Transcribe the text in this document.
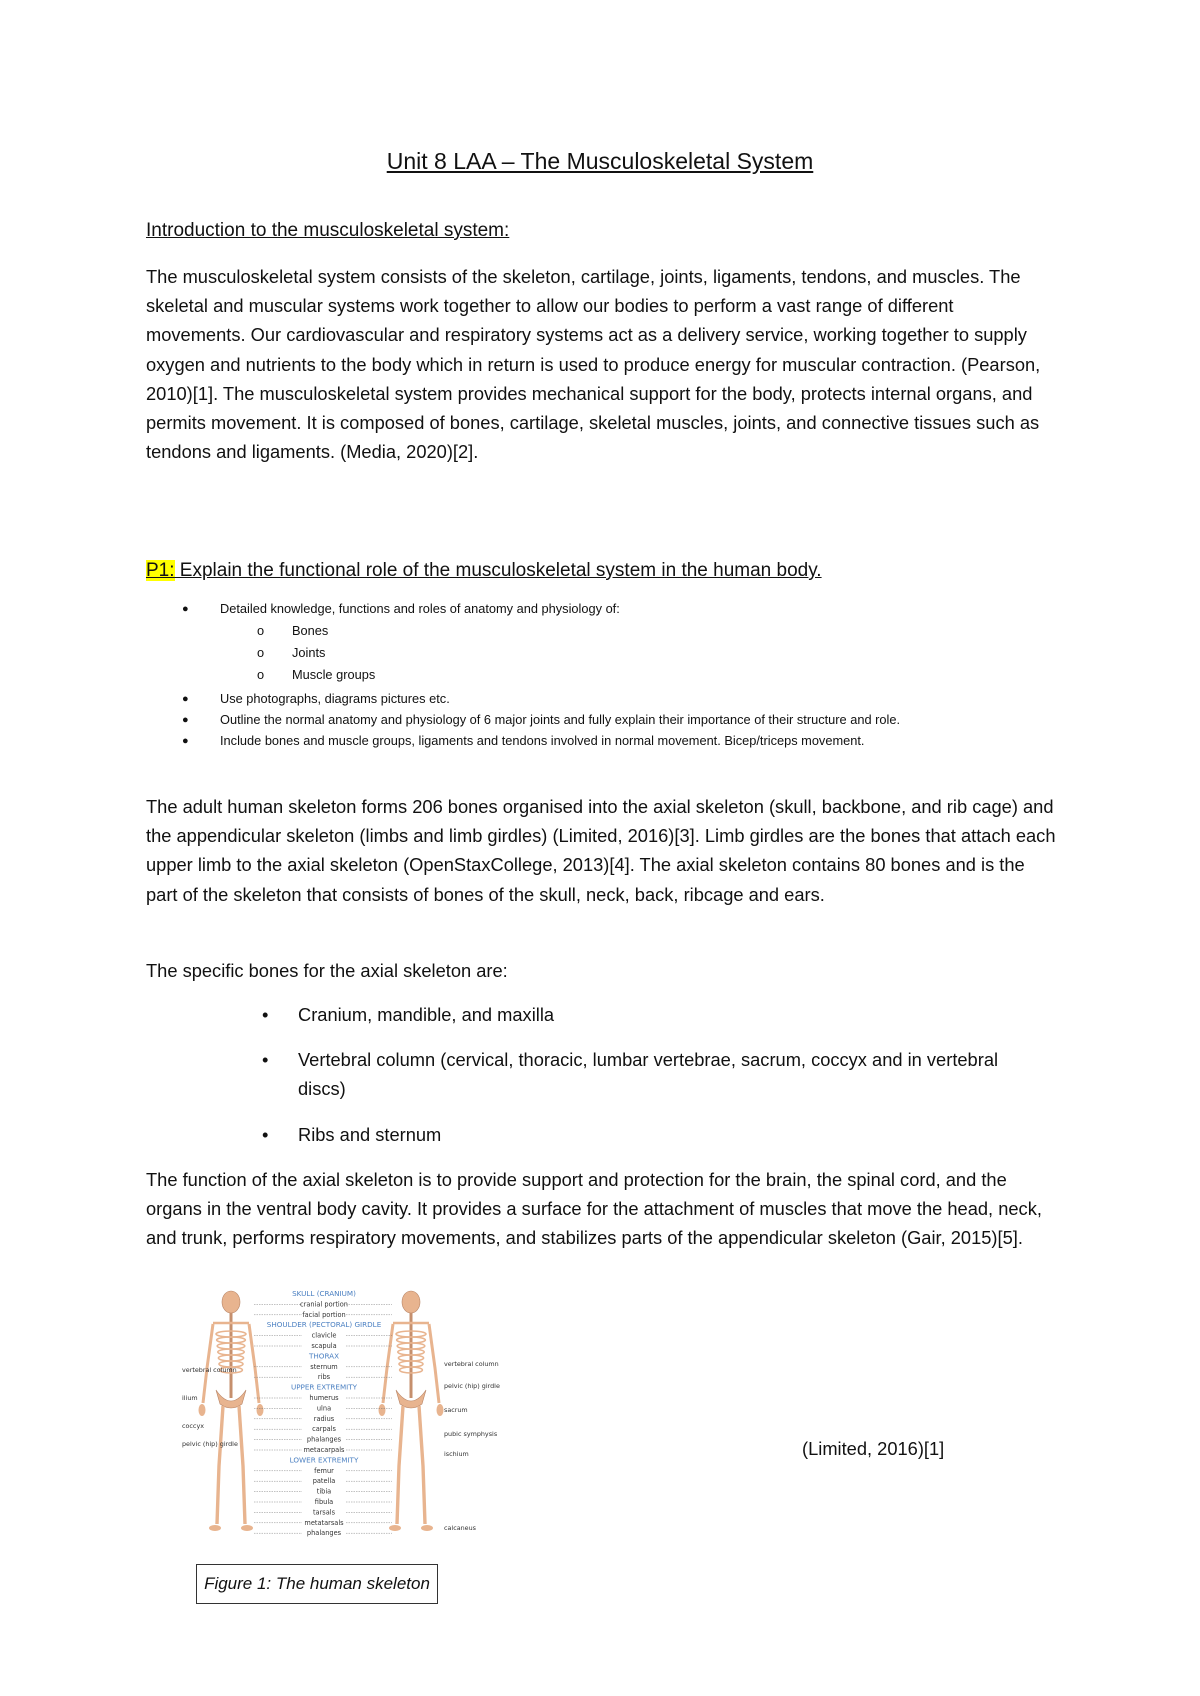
Unit 8 LAA – The Musculoskeletal System
Introduction to the musculoskeletal system:

The musculoskeletal system consists of the skeleton, cartilage, joints, ligaments, tendons, and muscles. The skeletal and muscular systems work together to allow our bodies to perform a vast range of different movements. Our cardiovascular and respiratory systems act as a delivery service, working together to supply oxygen and nutrients to the body which in return is used to produce energy for muscular contraction. (Pearson, 2010)[1]. The musculoskeletal system provides mechanical support for the body, protects internal organs, and permits movement. It is composed of bones, cartilage, skeletal muscles, joints, and connective tissues such as tendons and ligaments. (Media, 2020)[2].

P1: Explain the functional role of the musculoskeletal system in the human body.
●	Detailed knowledge, functions and roles of anatomy and physiology of:
o	Bones
o	Joints
o	Muscle groups
●	Use photographs, diagrams pictures etc.
●	Outline the normal anatomy and physiology of 6 major joints and fully explain their importance of their structure and role.
●	Include bones and muscle groups, ligaments and tendons involved in normal movement. Bicep/triceps movement.

The adult human skeleton forms 206 bones organised into the axial skeleton (skull, backbone, and rib cage) and the appendicular skeleton (limbs and limb girdles) (Limited, 2016)[3]. Limb girdles are the bones that attach each upper limb to the axial skeleton (OpenStaxCollege, 2013)[4]. The axial skeleton contains 80 bones and is the part of the skeleton that consists of bones of the skull, neck, back, ribcage and ears.

The specific bones for the axial skeleton are:

• Cranium, mandible, and maxilla
• Vertebral column (cervical, thoracic, lumbar vertebrae, sacrum, coccyx and in vertebral discs)
• Ribs and sternum

The function of the axial skeleton is to provide support and protection for the brain, the spinal cord, and the organs in the ventral body cavity. It provides a surface for the attachment of muscles that move the head, neck, and trunk, performs respiratory movements, and stabilizes parts of the appendicular skeleton (Gair, 2015)[5].

SKULL (CRANIUM)
cranial portion
facial portion
SHOULDER (PECTORAL) GIRDLE
clavicle
scapula
THORAX
sternum
ribs
UPPER EXTREMITY
humerus
ulna
radius
carpals
phalanges
metacarpals
LOWER EXTREMITY
femur
patella
tibia
fibula
tarsals
metatarsals
phalanges
vertebral column
ilium
coccyx
pelvic (hip) girdle
vertebral column
pelvic (hip) girdle
sacrum
pubic symphysis
ischium
calcaneus
(Limited, 2016)[1]
Figure 1: The human skeleton
